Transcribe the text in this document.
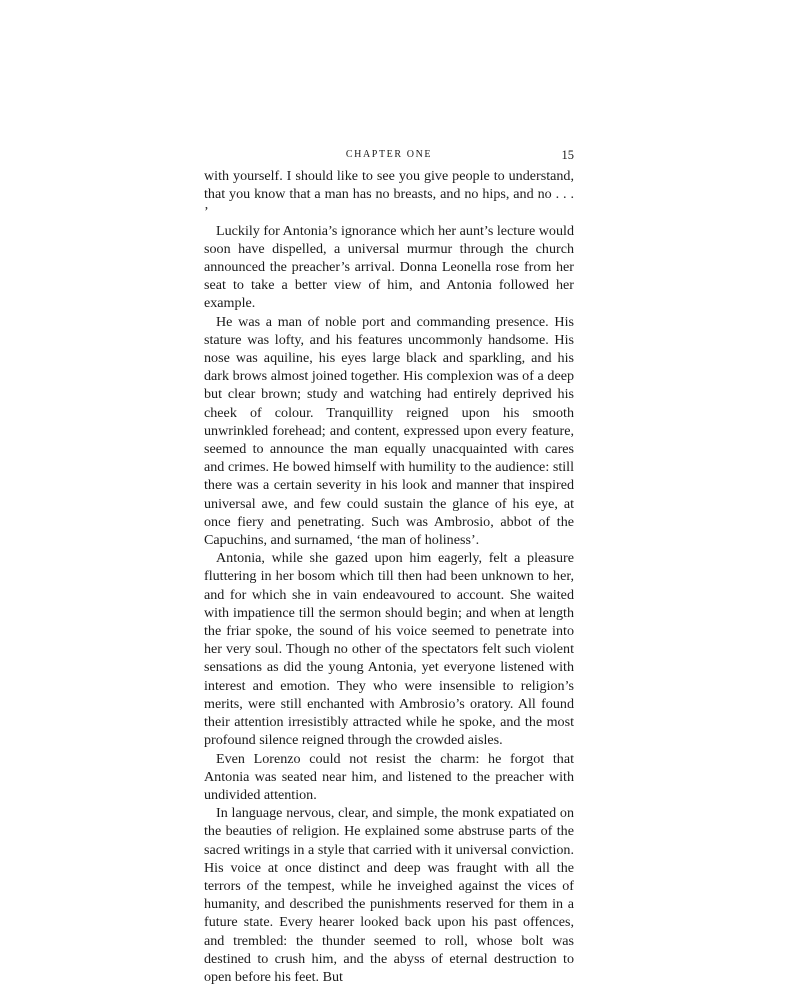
CHAPTER ONE	15

with yourself. I should like to see you give people to understand, that you know that a man has no breasts, and no hips, and no . . . ’

Luckily for Antonia’s ignorance which her aunt’s lecture would soon have dispelled, a universal murmur through the church announced the preacher’s arrival. Donna Leonella rose from her seat to take a better view of him, and Antonia followed her example.

He was a man of noble port and commanding presence. His stature was lofty, and his features uncommonly handsome. His nose was aquiline, his eyes large black and sparkling, and his dark brows almost joined together. His complexion was of a deep but clear brown; study and watching had entirely deprived his cheek of colour. Tranquillity reigned upon his smooth unwrinkled forehead; and content, expressed upon every feature, seemed to announce the man equally unacquainted with cares and crimes. He bowed himself with humility to the audience: still there was a certain severity in his look and manner that inspired universal awe, and few could sustain the glance of his eye, at once fiery and penetrating. Such was Ambrosio, abbot of the Capuchins, and surnamed, ‘the man of holiness’.

Antonia, while she gazed upon him eagerly, felt a pleasure fluttering in her bosom which till then had been unknown to her, and for which she in vain endeavoured to account. She waited with impatience till the sermon should begin; and when at length the friar spoke, the sound of his voice seemed to penetrate into her very soul. Though no other of the spectators felt such violent sensations as did the young Antonia, yet everyone listened with interest and emotion. They who were insensible to religion’s merits, were still enchanted with Ambrosio’s oratory. All found their attention irresistibly attracted while he spoke, and the most profound silence reigned through the crowded aisles.

Even Lorenzo could not resist the charm: he forgot that Antonia was seated near him, and listened to the preacher with undivided attention.

In language nervous, clear, and simple, the monk expatiated on the beauties of religion. He explained some abstruse parts of the sacred writings in a style that carried with it universal conviction. His voice at once distinct and deep was fraught with all the terrors of the tempest, while he inveighed against the vices of humanity, and described the punishments reserved for them in a future state. Every hearer looked back upon his past offences, and trembled: the thunder seemed to roll, whose bolt was destined to crush him, and the abyss of eternal destruction to open before his feet. But
